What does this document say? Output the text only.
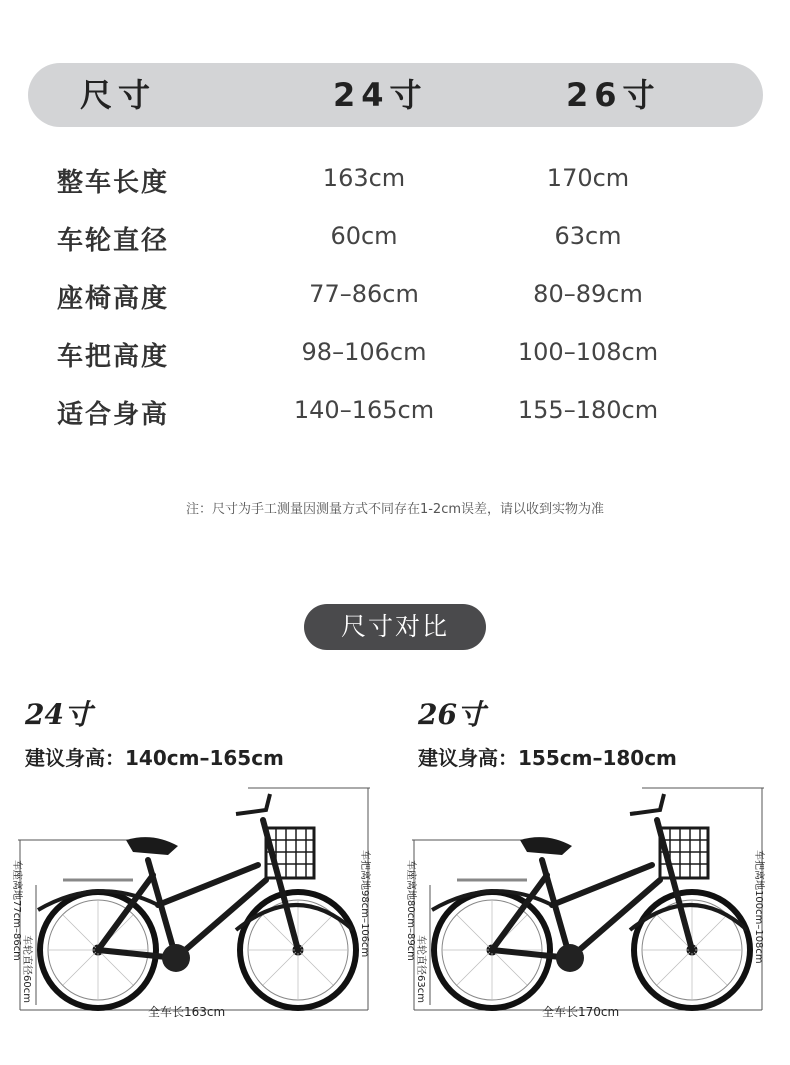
尺寸	24寸	26寸
整车长度	163cm	170cm
车轮直径	60cm	63cm
座椅高度	77–86cm	80–89cm
车把高度	98–106cm	100–108cm
适合身高	140–165cm	155–180cm
注：尺寸为手工测量因测量方式不同存在1-2cm误差，请以收到实物为准
尺寸对比
24寸
建议身高：140cm–165cm
26寸
建议身高：155cm–180cm
车座离地77cm–86cm
车轮直径60cm
车把离地98cm–106cm
全车长163cm
车座离地80cm–89cm
车轮直径63cm
车把离地100cm–108cm
全车长170cm
